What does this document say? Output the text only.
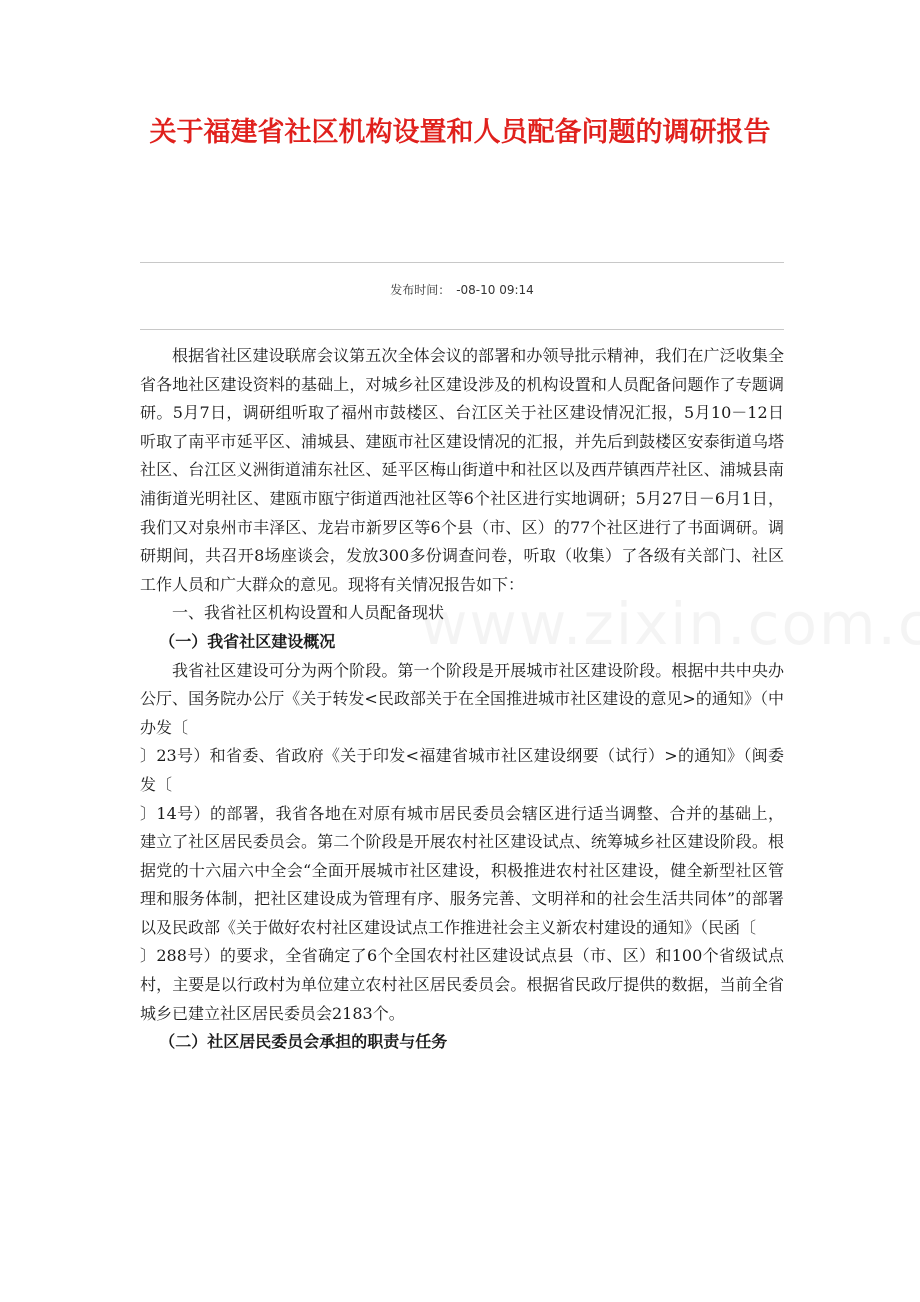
关于福建省社区机构设置和人员配备问题的调研报告
发布时间： -08-10 09:14

根据省社区建设联席会议第五次全体会议的部署和办领导批示精神，我们在广泛收集全省各地社区建设资料的基础上，对城乡社区建设涉及的机构设置和人员配备问题作了专题调研。5月7日，调研组听取了福州市鼓楼区、台江区关于社区建设情况汇报，5月10－12日听取了南平市延平区、浦城县、建瓯市社区建设情况的汇报，并先后到鼓楼区安泰街道乌塔社区、台江区义洲街道浦东社区、延平区梅山街道中和社区以及西芹镇西芹社区、浦城县南浦街道光明社区、建瓯市瓯宁街道西池社区等6个社区进行实地调研；5月27日－6月1日，我们又对泉州市丰泽区、龙岩市新罗区等6个县（市、区）的77个社区进行了书面调研。调研期间，共召开8场座谈会，发放300多份调查问卷，听取（收集）了各级有关部门、社区工作人员和广大群众的意见。现将有关情况报告如下：

一、我省社区机构设置和人员配备现状

（一）我省社区建设概况

我省社区建设可分为两个阶段。第一个阶段是开展城市社区建设阶段。根据中共中央办公厅、国务院办公厅《关于转发<民政部关于在全国推进城市社区建设的意见>的通知》（中办发〔

〕23号）和省委、省政府《关于印发<福建省城市社区建设纲要（试行）>的通知》（闽委发〔

〕14号）的部署，我省各地在对原有城市居民委员会辖区进行适当调整、合并的基础上，建立了社区居民委员会。第二个阶段是开展农村社区建设试点、统筹城乡社区建设阶段。根据党的十六届六中全会“全面开展城市社区建设，积极推进农村社区建设，健全新型社区管理和服务体制，把社区建设成为管理有序、服务完善、文明祥和的社会生活共同体”的部署以及民政部《关于做好农村社区建设试点工作推进社会主义新农村建设的通知》（民函〔

〕288号）的要求，全省确定了6个全国农村社区建设试点县（市、区）和100个省级试点村，主要是以行政村为单位建立农村社区居民委员会。根据省民政厅提供的数据，当前全省城乡已建立社区居民委员会2183个。

（二）社区居民委员会承担的职责与任务
